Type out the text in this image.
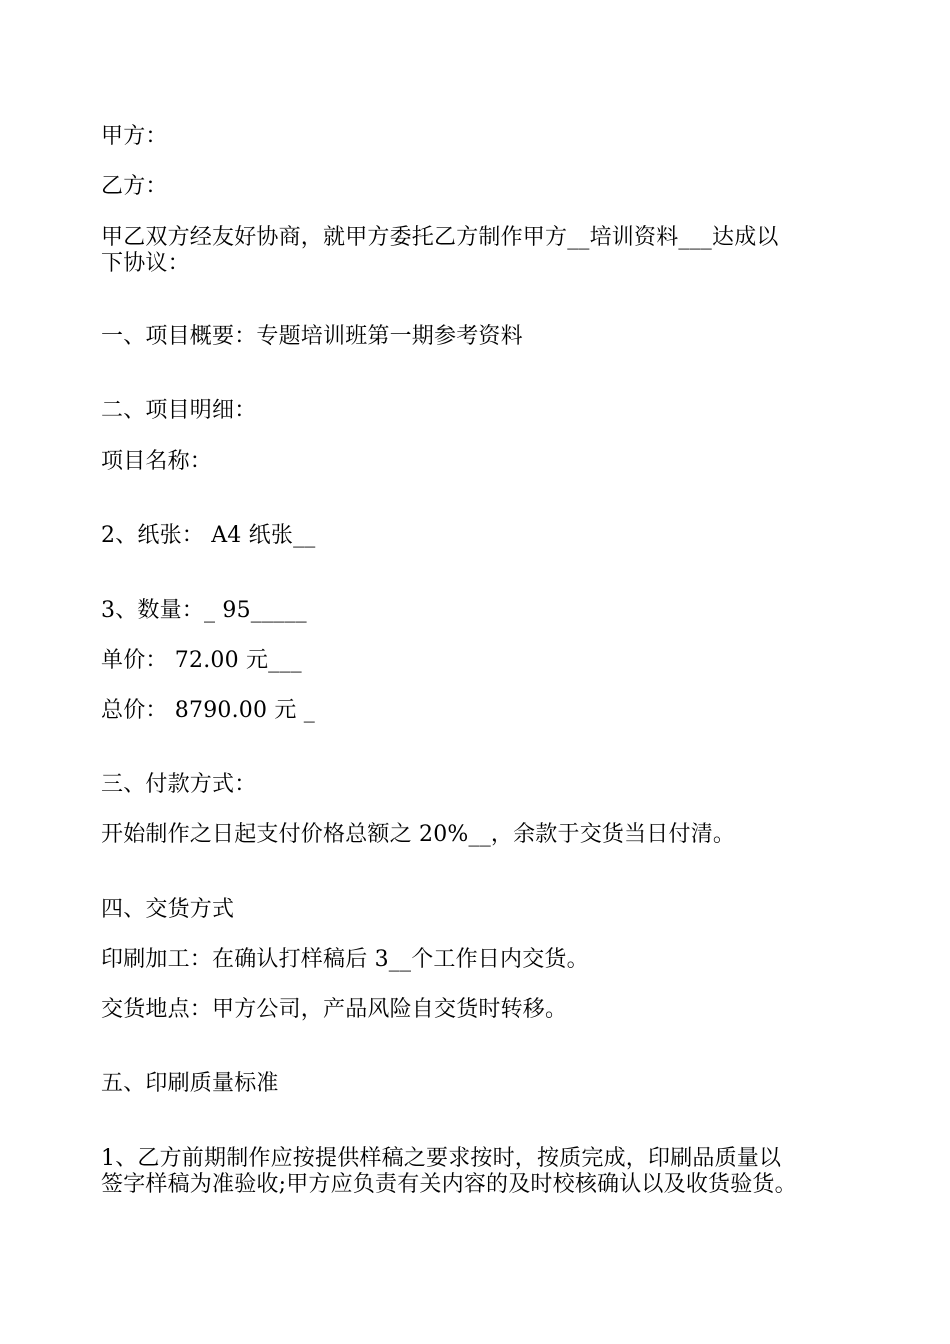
甲方：
乙方：
甲乙双方经友好协商，就甲方委托乙方制作甲方__培训资料___达成以
下协议：
一、项目概要：专题培训班第一期参考资料
二、项目明细：
项目名称：
2、纸张： A4 纸张__
3、数量：_ 95_____
单价： 72.00 元___
总价： 8790.00 元 _
三、付款方式：
开始制作之日起支付价格总额之 20%__，余款于交货当日付清。
四、交货方式
印刷加工：在确认打样稿后 3__个工作日内交货。
交货地点：甲方公司，产品风险自交货时转移。
五、印刷质量标准
1、乙方前期制作应按提供样稿之要求按时，按质完成，印刷品质量以
签字样稿为准验收;甲方应负责有关内容的及时校核确认以及收货验货。
